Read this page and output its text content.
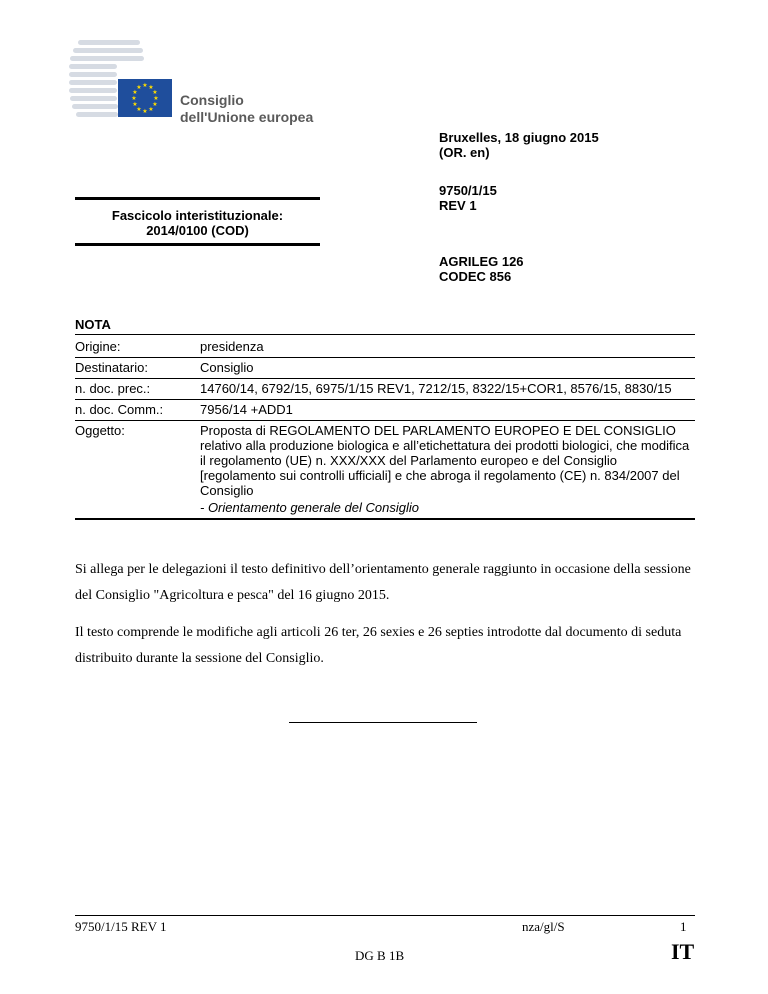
★ ★
★
★
★
★
★
★
★
★
★
★
Consiglio
dell'Unione europea
Bruxelles, 18 giugno 2015
(OR. en)
9750/1/15
REV 1
AGRILEG 126
CODEC 856
Fascicolo interistituzionale:
2014/0100 (COD)
NOTA
Origine:	presidenza
Destinatario:	Consiglio
n. doc. prec.:	14760/14, 6792/15, 6975/1/15 REV1, 7212/15, 8322/15+COR1, 8576/15, 8830/15
n. doc. Comm.:	7956/14 +ADD1
Oggetto:	Proposta di REGOLAMENTO DEL PARLAMENTO EUROPEO E DEL CONSIGLIO relativo alla produzione biologica e all’etichettatura dei prodotti biologici, che modifica il regolamento (UE) n. XXX/XXX del Parlamento europeo e del Consiglio [regolamento sui controlli ufficiali] e che abroga il regolamento (CE) n. 834/2007 del Consiglio
- Orientamento generale del Consiglio
Si allega per le delegazioni il testo definitivo dell’orientamento generale raggiunto in occasione della sessione del Consiglio "Agricoltura e pesca" del 16 giugno 2015.
Il testo comprende le modifiche agli articoli 26 ter, 26 sexies e 26 septies introdotte dal documento di seduta distribuito durante la sessione del Consiglio.
9750/1/15 REV 1	nza/gl/S	1
DG B 1B	IT
